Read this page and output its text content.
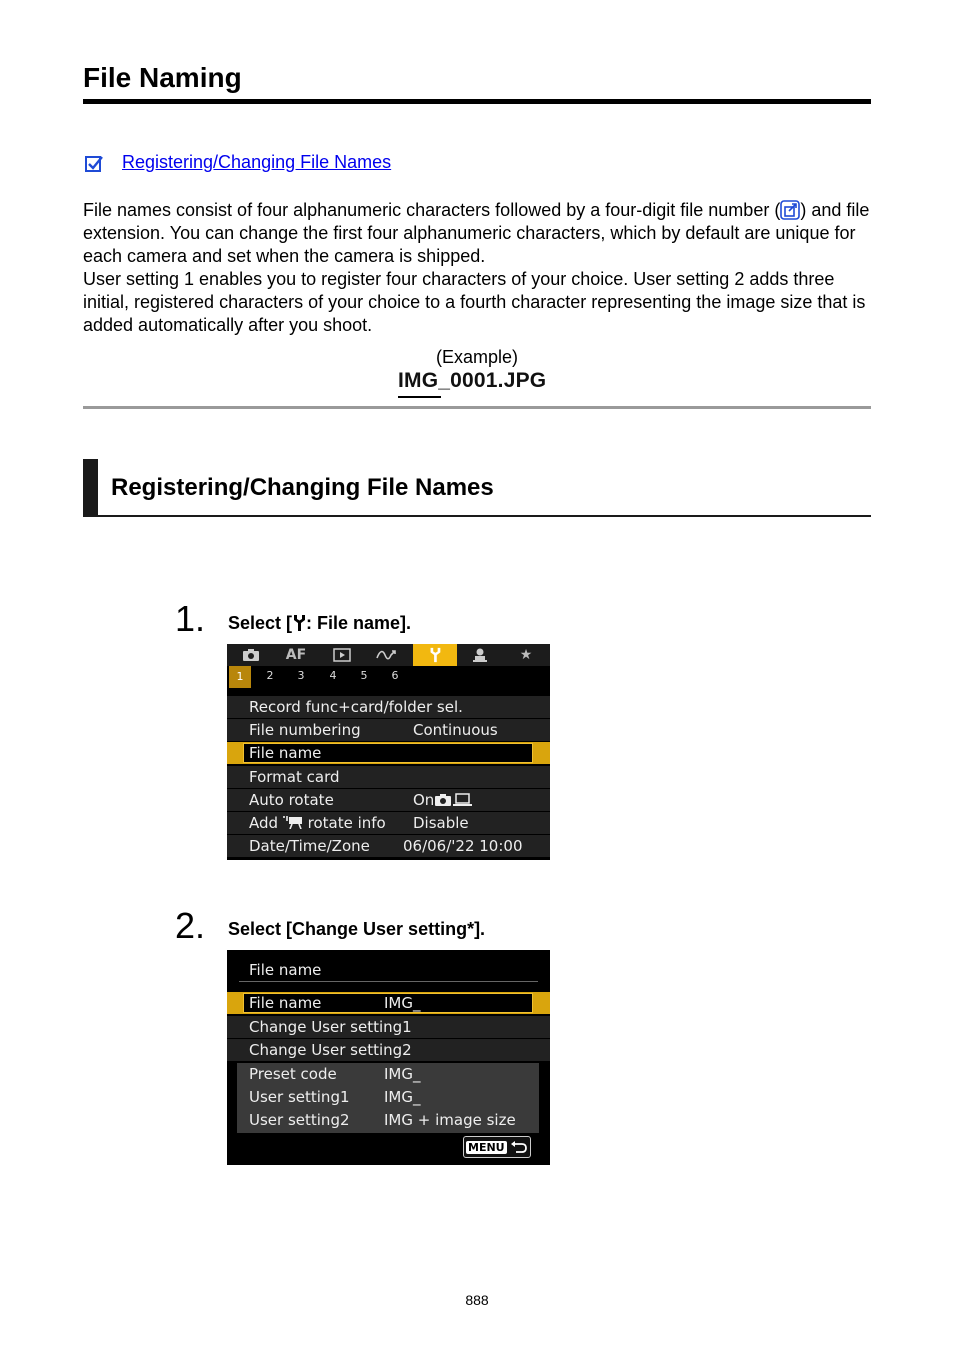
File Naming
Registering/Changing File Names
File names consist of four alphanumeric characters followed by a four-digit file number ( ) and file extension. You can change the first four alphanumeric characters, which by default are unique for each camera and set when the camera is shipped.
User setting 1 enables you to register four characters of your choice. User setting 2 adds three initial, registered characters of your choice to a fourth character representing the image size that is added automatically after you shoot.
(Example)
IMG_0001.JPG
Registering/Changing File Names
1. Select [ : File name].
AF	★
1	2	3	4	5	6
Record func+card/folder sel.
File numbering	Continuous
File name
Format card
Auto rotate	On
Add rotate info Disable
Date/Time/Zone 06/06/'22 10:00
2. Select [Change User setting*].
File name
File name	IMG_
Change User setting1
Change User setting2
Preset code	IMG_
User setting1 IMG_
User setting2 IMG + image size
MENU
888
